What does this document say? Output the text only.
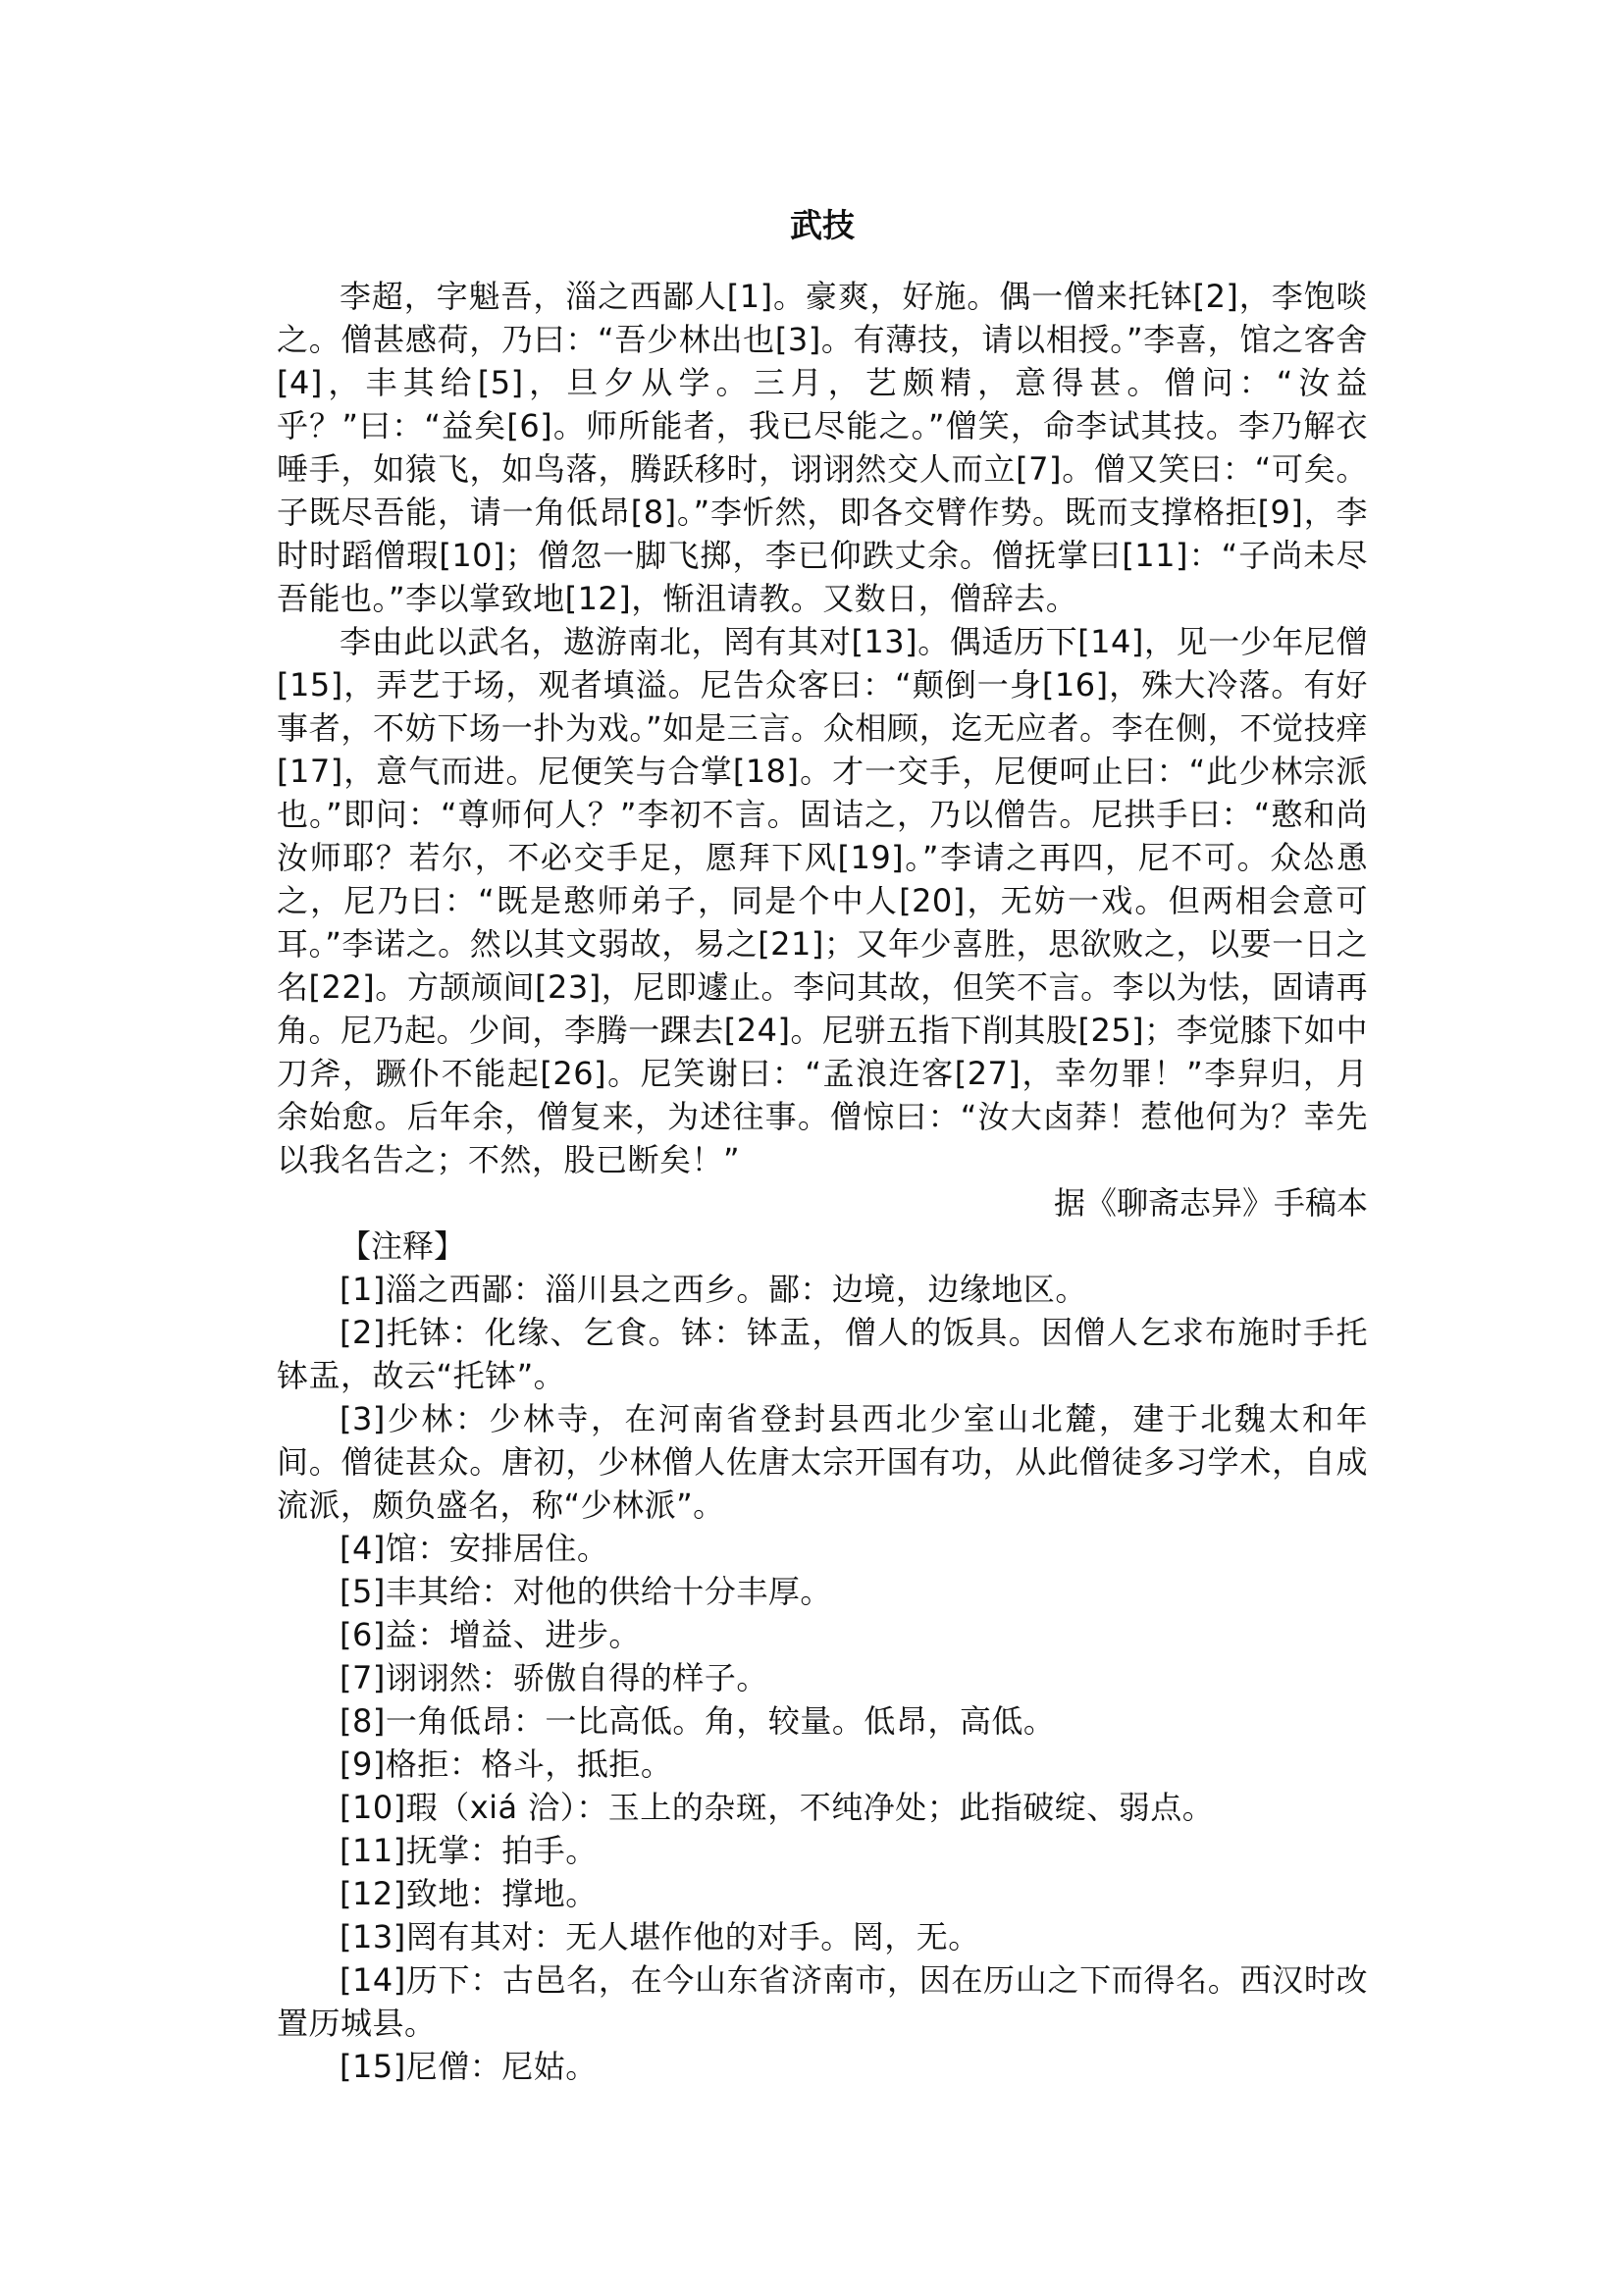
武技

李超，字魁吾，淄之西鄙人[1]。豪爽，好施。偶一僧来托钵[2]，李饱啖之。僧甚感荷，乃曰：“吾少林出也[3]。有薄技，请以相授。”李喜，馆之客舍[4]，丰其给[5]，旦夕从学。三月，艺颇精，意得甚。僧问：“汝益乎？”曰：“益矣[6]。师所能者，我已尽能之。”僧笑，命李试其技。李乃解衣唾手，如猿飞，如鸟落，腾跃移时，诩诩然交人而立[7]。僧又笑曰：“可矣。子既尽吾能，请一角低昂[8]。”李忻然，即各交臂作势。既而支撑格拒[9]，李时时蹈僧瑕[10]；僧忽一脚飞掷，李已仰跌丈余。僧抚掌曰[11]：“子尚未尽吾能也。”李以掌致地[12]，惭沮请教。又数日，僧辞去。

李由此以武名，遨游南北，罔有其对[13]。偶适历下[14]，见一少年尼僧[15]，弄艺于场，观者填溢。尼告众客曰：“颠倒一身[16]，殊大冷落。有好事者，不妨下场一扑为戏。”如是三言。众相顾，迄无应者。李在侧，不觉技痒[17]，意气而进。尼便笑与合掌[18]。才一交手，尼便呵止曰：“此少林宗派也。”即问：“尊师何人？”李初不言。固诘之，乃以僧告。尼拱手曰：“憨和尚汝师耶？若尔，不必交手足，愿拜下风[19]。”李请之再四，尼不可。众怂恿之，尼乃曰：“既是憨师弟子，同是个中人[20]，无妨一戏。但两相会意可耳。”李诺之。然以其文弱故，易之[21]；又年少喜胜，思欲败之，以要一日之名[22]。方颉颃间[23]，尼即遽止。李问其故，但笑不言。李以为怯，固请再角。尼乃起。少间，李腾一踝去[24]。尼骈五指下削其股[25]；李觉膝下如中刀斧，蹶仆不能起[26]。尼笑谢曰：“孟浪迕客[27]，幸勿罪！”李舁归，月余始愈。后年余，僧复来，为述往事。僧惊曰：“汝大卤莽！惹他何为？幸先以我名告之；不然，股已断矣！”

据《聊斋志异》手稿本

【注释】

[1]淄之西鄙：淄川县之西乡。鄙：边境，边缘地区。

[2]托钵：化缘、乞食。钵：钵盂，僧人的饭具。因僧人乞求布施时手托钵盂，故云“托钵”。

[3]少林：少林寺，在河南省登封县西北少室山北麓，建于北魏太和年间。僧徒甚众。唐初，少林僧人佐唐太宗开国有功，从此僧徒多习学术，自成流派，颇负盛名，称“少林派”。

[4]馆：安排居住。

[5]丰其给：对他的供给十分丰厚。

[6]益：增益、进步。

[7]诩诩然：骄傲自得的样子。

[8]一角低昂：一比高低。角，较量。低昂，高低。

[9]格拒：格斗，抵拒。

[10]瑕（xiá 洽）：玉上的杂斑，不纯净处；此指破绽、弱点。

[11]抚掌：拍手。

[12]致地：撑地。

[13]罔有其对：无人堪作他的对手。罔，无。

[14]历下：古邑名，在今山东省济南市，因在历山之下而得名。西汉时改置历城县。

[15]尼僧：尼姑。
